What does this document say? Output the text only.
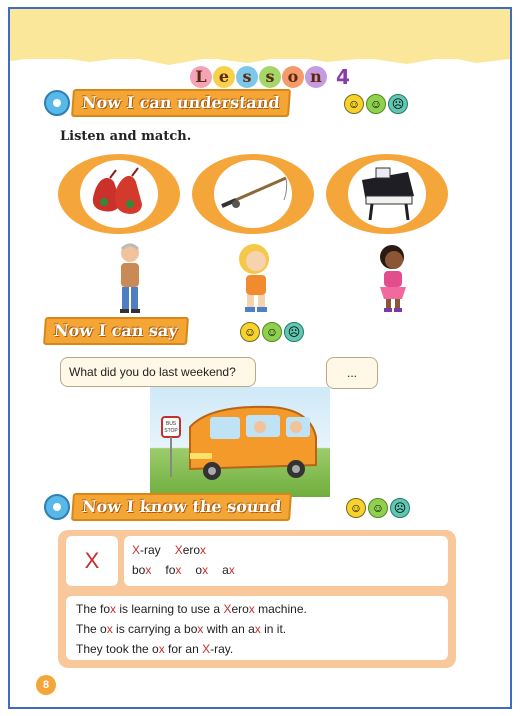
L e s s o n 4
Now I can understand	☺ ☺ ☹
Listen and match.
Now I can say	☺ ☺ ☹
What did you do last weekend?	...
BUS
STOP
Now I know the sound	☺ ☺ ☹
X	X-ray Xerox
box fox ox ax
The fox is learning to use a Xerox machine.
The ox is carrying a box with an ax in it.
They took the ox for an X-ray.
8
